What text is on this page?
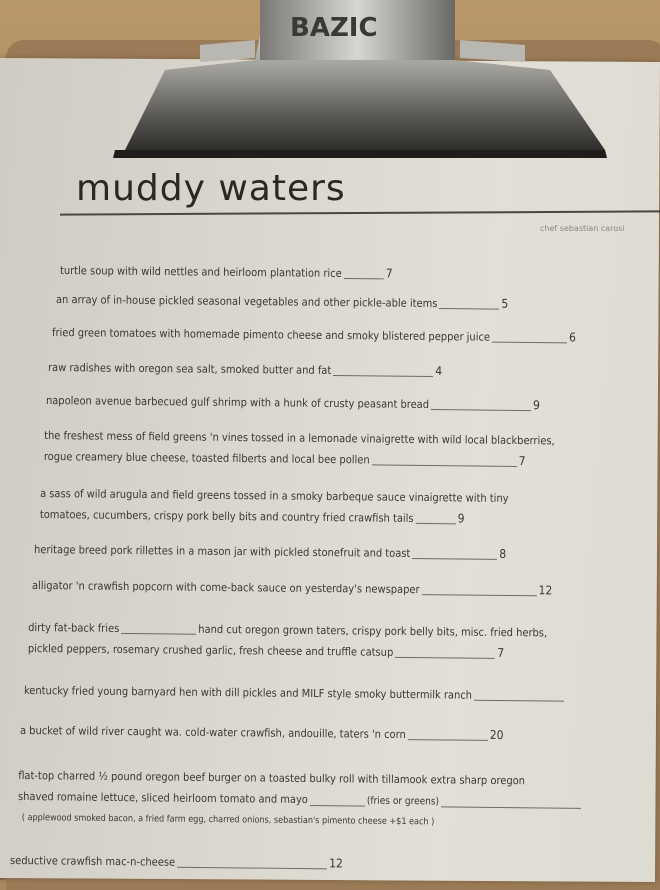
BAZIC
muddy waters
chef sebastian carosi
turtle soup with wild nettles and heirloom plantation rice	7
an array of in-house pickled seasonal vegetables and other pickle-able items	5
fried green tomatoes with homemade pimento cheese and smoky blistered pepper juice	6
raw radishes with oregon sea salt, smoked butter and fat	4
napoleon avenue barbecued gulf shrimp with a hunk of crusty peasant bread	9
the freshest mess of field greens 'n vines tossed in a lemonade vinaigrette with wild local blackberries,
rogue creamery blue cheese, toasted filberts and local bee pollen	7
a sass of wild arugula and field greens tossed in a smoky barbeque sauce vinaigrette with tiny
tomatoes, cucumbers, crispy pork belly bits and country fried crawfish tails	9
heritage breed pork rillettes in a mason jar with pickled stonefruit and toast	8
alligator 'n crawfish popcorn with come-back sauce on yesterday's newspaper	12
dirty fat-back fries	hand cut oregon grown taters, crispy pork belly bits, misc. fried herbs,
pickled peppers, rosemary crushed garlic, fresh cheese and truffle catsup	7
kentucky fried young barnyard hen with dill pickles and MILF style smoky buttermilk ranch
a bucket of wild river caught wa. cold-water crawfish, andouille, taters 'n corn	20
flat-top charred ½ pound oregon beef burger on a toasted bulky roll with tillamook extra sharp oregon
shaved romaine lettuce, sliced heirloom tomato and mayo	(fries or greens)
( applewood smoked bacon, a fried farm egg, charred onions, sebastian's pimento cheese +$1 each )
seductive crawfish mac-n-cheese	12
